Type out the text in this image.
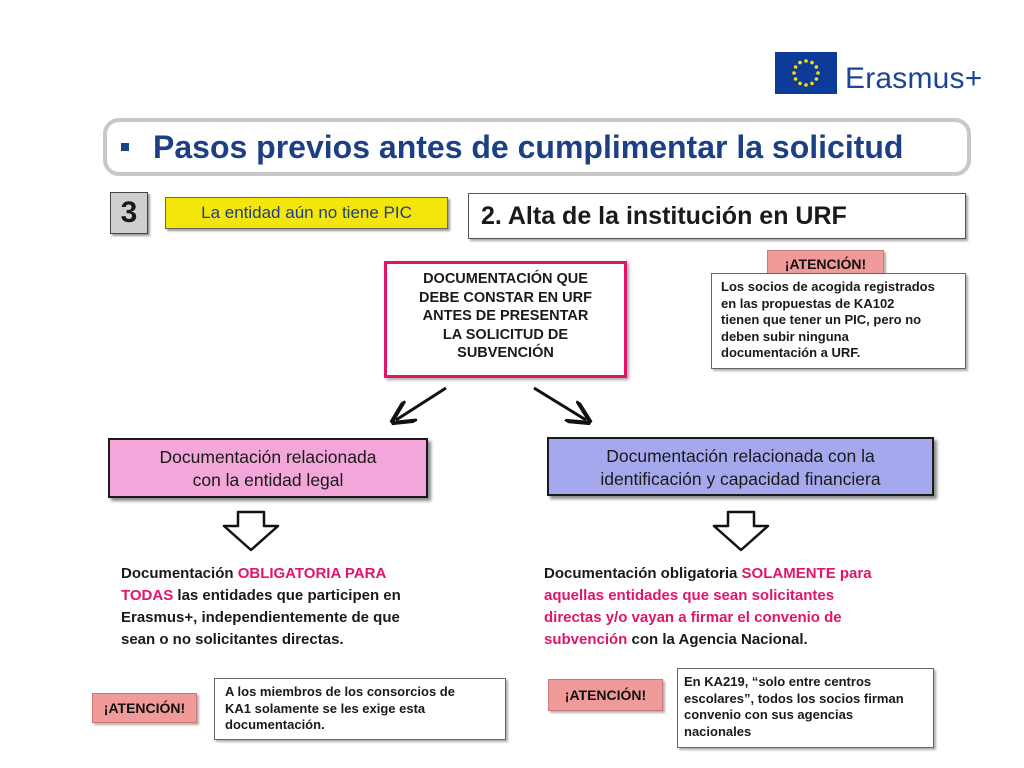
Erasmus+
Pasos previos antes de cumplimentar la solicitud
3	La entidad aún no tiene PIC	2. Alta de la institución en URF
DOCUMENTACIÓN QUE
DEBE CONSTAR EN URF
ANTES DE PRESENTAR
LA SOLICITUD DE
SUBVENCIÓN
¡ATENCIÓN!
Los socios de acogida registrados
en las propuestas de KA102
tienen que tener un PIC, pero no
deben subir ninguna
documentación a URF.
Documentación relacionada
con la entidad legal
Documentación relacionada con la
identificación y capacidad financiera
Documentación OBLIGATORIA PARA
TODAS las entidades que participen en
Erasmus+, independientemente de que
sean o no solicitantes directas.
Documentación obligatoria SOLAMENTE para
aquellas entidades que sean solicitantes
directas y/o vayan a firmar el convenio de
subvención con la Agencia Nacional.
¡ATENCIÓN!
A los miembros de los consorcios de
KA1 solamente se les exige esta
documentación.
¡ATENCIÓN!
En KA219, “solo entre centros
escolares”, todos los socios firman
convenio con sus agencias
nacionales
